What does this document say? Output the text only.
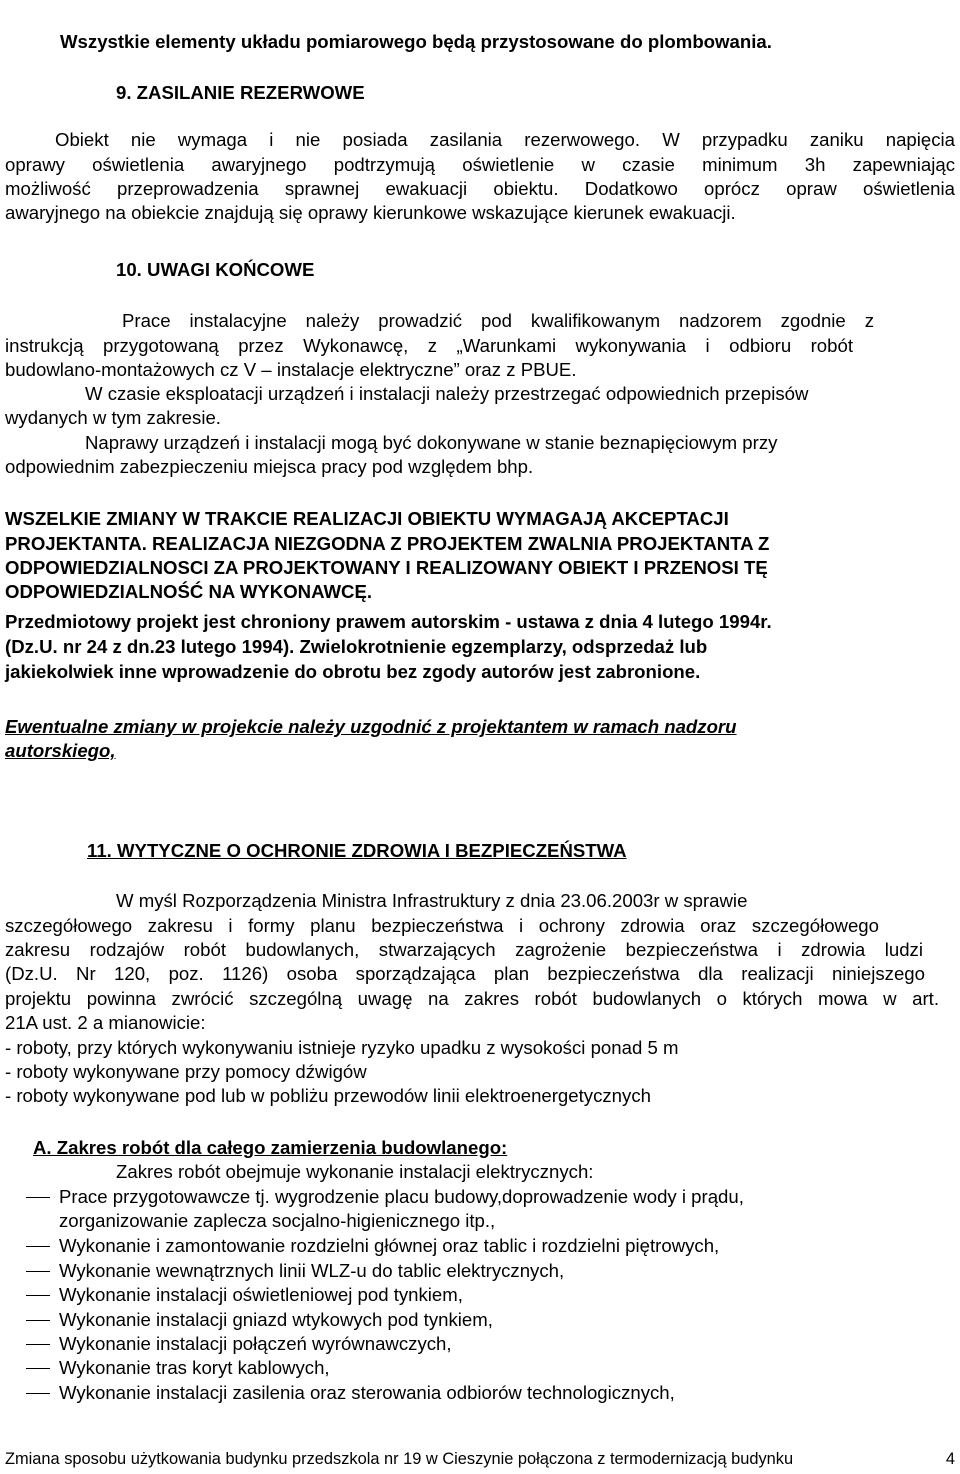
Wszystkie elementy układu pomiarowego będą przystosowane do plombowania.
9. ZASILANIE REZERWOWE
Obiekt nie wymaga i nie posiada zasilania rezerwowego. W przypadku zaniku napięcia
oprawy oświetlenia awaryjnego podtrzymują oświetlenie w czasie minimum 3h zapewniając
możliwość przeprowadzenia sprawnej ewakuacji obiektu. Dodatkowo oprócz opraw oświetlenia
awaryjnego na obiekcie znajdują się oprawy kierunkowe wskazujące kierunek ewakuacji.
10. UWAGI KOŃCOWE
Prace instalacyjne należy prowadzić pod kwalifikowanym nadzorem zgodnie z
instrukcją przygotowaną przez Wykonawcę, z „Warunkami wykonywania i odbioru robót
budowlano-montażowych cz V – instalacje elektryczne” oraz z PBUE.
W czasie eksploatacji urządzeń i instalacji należy przestrzegać odpowiednich przepisów
wydanych w tym zakresie.
Naprawy urządzeń i instalacji mogą być dokonywane w stanie beznapięciowym przy
odpowiednim zabezpieczeniu miejsca pracy pod względem bhp.
WSZELKIE ZMIANY W TRAKCIE REALIZACJI OBIEKTU WYMAGAJĄ AKCEPTACJI
PROJEKTANTA. REALIZACJA NIEZGODNA Z PROJEKTEM ZWALNIA PROJEKTANTA Z
ODPOWIEDZIALNOSCI ZA PROJEKTOWANY I REALIZOWANY OBIEKT I PRZENOSI TĘ
ODPOWIEDZIALNOŚĆ NA WYKONAWCĘ.
Przedmiotowy projekt jest chroniony prawem autorskim - ustawa z dnia 4 lutego 1994r.
(Dz.U. nr 24 z dn.23 lutego 1994). Zwielokrotnienie egzemplarzy, odsprzedaż lub
jakiekolwiek inne wprowadzenie do obrotu bez zgody autorów jest zabronione.
Ewentualne zmiany w projekcie należy uzgodnić z projektantem w ramach nadzoru
autorskiego,
11. WYTYCZNE O OCHRONIE ZDROWIA I BEZPIECZEŃSTWA
W myśl Rozporządzenia Ministra Infrastruktury z dnia 23.06.2003r w sprawie
szczegółowego zakresu i formy planu bezpieczeństwa i ochrony zdrowia oraz szczegółowego
zakresu rodzajów robót budowlanych, stwarzających zagrożenie bezpieczeństwa i zdrowia ludzi
(Dz.U. Nr 120, poz. 1126) osoba sporządzająca plan bezpieczeństwa dla realizacji niniejszego
projektu powinna zwrócić szczególną uwagę na zakres robót budowlanych o których mowa w art.
21A ust. 2 a mianowicie:
- roboty, przy których wykonywaniu istnieje ryzyko upadku z wysokości ponad 5 m
- roboty wykonywane przy pomocy dźwigów
- roboty wykonywane pod lub w pobliżu przewodów linii elektroenergetycznych
A. Zakres robót dla całego zamierzenia budowlanego:
Zakres robót obejmuje wykonanie instalacji elektrycznych:
Prace przygotowawcze tj. wygrodzenie placu budowy,doprowadzenie wody i prądu,
zorganizowanie zaplecza socjalno-higienicznego itp.,
Wykonanie i zamontowanie rozdzielni głównej oraz tablic i rozdzielni piętrowych,
Wykonanie wewnątrznych linii WLZ-u do tablic elektrycznych,
Wykonanie instalacji oświetleniowej pod tynkiem,
Wykonanie instalacji gniazd wtykowych pod tynkiem,
Wykonanie instalacji połączeń wyrównawczych,
Wykonanie tras koryt kablowych,
Wykonanie instalacji zasilenia oraz sterowania odbiorów technologicznych,
Zmiana sposobu użytkowania budynku przedszkola nr 19 w Cieszynie połączona z termodernizacją budynku	4
